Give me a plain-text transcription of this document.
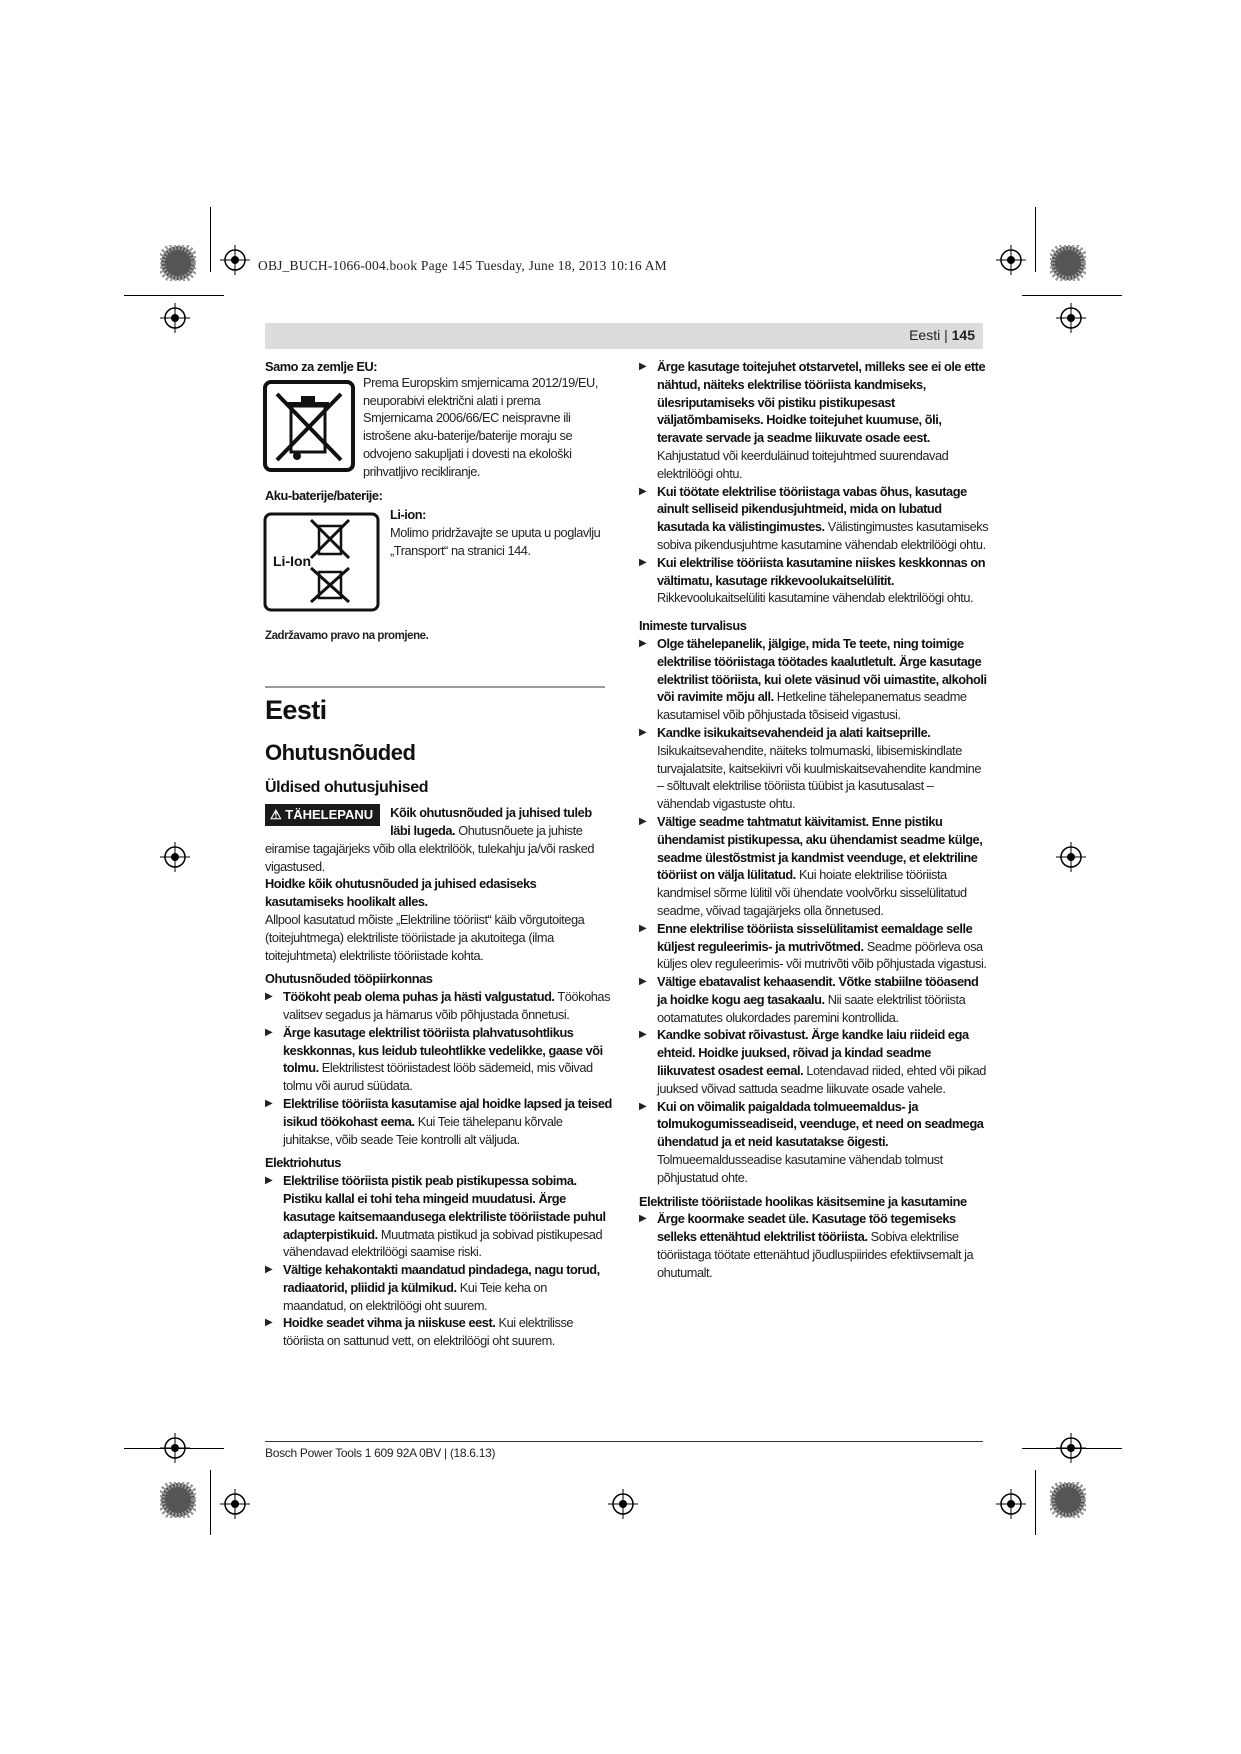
OBJ_BUCH-1066-004.book Page 145 Tuesday, June 18, 2013 10:16 AM
Eesti | 145
Li-Ion

Samo za zemlje EU:

Prema Europskim smjernicama 2012/19/EU, neuporabivi električni alati i prema Smjernicama 2006/66/EC neispravne ili istrošene aku-baterije/baterije moraju se odvojeno sakupljati i dovesti na ekološki prihvatljivo recikliranje.

Aku-baterije/baterije:

Li-ion:

Molimo pridržavajte se uputa u poglavlju „Transport“ na stranici 144.

Zadržavamo pravo na promjene.

Eesti

Ohutusnõuded

Üldised ohutusjuhised

⚠ TÄHELEPANU	Kõik ohutusnõuded ja juhised tuleb läbi lugeda. Ohutusnõuete ja juhiste eiramise tagajärjeks võib olla elektrilöök, tulekahju ja/või rasked vigastused.

Hoidke kõik ohutusnõuded ja juhised edasiseks kasutamiseks hoolikalt alles.

Allpool kasutatud mõiste „Elektriline tööriist“ käib võrgutoitega (toitejuhtmega) elektriliste tööriistade ja akutoitega (ilma toitejuhtmeta) elektriliste tööriistade kohta.

Ohutusnõuded tööpiirkonnas

▶ Töökoht peab olema puhas ja hästi valgustatud. Töökohas valitsev segadus ja hämarus võib põhjustada õnnetusi.

▶ Ärge kasutage elektrilist tööriista plahvatusohtlikus keskkonnas, kus leidub tuleohtlikke vedelikke, gaase või tolmu. Elektrilistest tööriistadest lööb sädemeid, mis võivad tolmu või aurud süüdata.

▶ Elektrilise tööriista kasutamise ajal hoidke lapsed ja teised isikud töökohast eema. Kui Teie tähelepanu kõrvale juhitakse, võib seade Teie kontrolli alt väljuda.

Elektriohutus

▶ Elektrilise tööriista pistik peab pistikupessa sobima. Pistiku kallal ei tohi teha mingeid muudatusi. Ärge kasutage kaitsemaandusega elektriliste tööriistade puhul adapterpistikuid. Muutmata pistikud ja sobivad pistikupesad vähendavad elektrilöögi saamise riski.

▶ Vältige kehakontakti maandatud pindadega, nagu torud, radiaatorid, pliidid ja külmikud. Kui Teie keha on maandatud, on elektrilöögi oht suurem.

▶ Hoidke seadet vihma ja niiskuse eest. Kui elektrilisse tööriista on sattunud vett, on elektrilöögi oht suurem.

▶ Ärge kasutage toitejuhet otstarvetel, milleks see ei ole ette nähtud, näiteks elektrilise tööriista kandmiseks, ülesriputamiseks või pistiku pistikupesast väljatõmbamiseks. Hoidke toitejuhet kuumuse, õli, teravate servade ja seadme liikuvate osade eest. Kahjustatud või keerduläinud toitejuhtmed suurendavad elektrilöögi ohtu.

▶ Kui töötate elektrilise tööriistaga vabas õhus, kasutage ainult selliseid pikendusjuhtmeid, mida on lubatud kasutada ka välistingimustes. Välistingimustes kasutamiseks sobiva pikendusjuhtme kasutamine vähendab elektrilöögi ohtu.

▶ Kui elektrilise tööriista kasutamine niiskes keskkonnas on vältimatu, kasutage rikkevoolukaitselülitit. Rikkevoolukaitselüliti kasutamine vähendab elektrilöögi ohtu.

Inimeste turvalisus

▶ Olge tähelepanelik, jälgige, mida Te teete, ning toimige elektrilise tööriistaga töötades kaalutletult. Ärge kasutage elektrilist tööriista, kui olete väsinud või uimastite, alkoholi või ravimite mõju all. Hetkeline tähelepanematus seadme kasutamisel võib põhjustada tõsiseid vigastusi.

▶ Kandke isikukaitsevahendeid ja alati kaitseprille. Isikukaitsevahendite, näiteks tolmumaski, libisemiskindlate turvajalatsite, kaitsekiivri või kuulmiskaitsevahendite kandmine – sõltuvalt elektrilise tööriista tüübist ja kasutusalast – vähendab vigastuste ohtu.

▶ Vältige seadme tahtmatut käivitamist. Enne pistiku ühendamist pistikupessa, aku ühendamist seadme külge, seadme ülestõstmist ja kandmist veenduge, et elektriline tööriist on välja lülitatud. Kui hoiate elektrilise tööriista kandmisel sõrme lülitil või ühendate voolvõrku sisselülitatud seadme, võivad tagajärjeks olla õnnetused.

▶ Enne elektrilise tööriista sisselülitamist eemaldage selle küljest reguleerimis- ja mutrivõtmed. Seadme pöörleva osa küljes olev reguleerimis- või mutrivõti võib põhjustada vigastusi.

▶ Vältige ebatavalist kehaasendit. Võtke stabiilne tööasend ja hoidke kogu aeg tasakaalu. Nii saate elektrilist tööriista ootamatutes olukordades paremini kontrollida.

▶ Kandke sobivat rõivastust. Ärge kandke laiu riideid ega ehteid. Hoidke juuksed, rõivad ja kindad seadme liikuvatest osadest eemal. Lotendavad riided, ehted või pikad juuksed võivad sattuda seadme liikuvate osade vahele.

▶ Kui on võimalik paigaldada tolmueemaldus- ja tolmukogumisseadiseid, veenduge, et need on seadmega ühendatud ja et neid kasutatakse õigesti. Tolmueemaldusseadise kasutamine vähendab tolmust põhjustatud ohte.

Elektriliste tööriistade hoolikas käsitsemine ja kasutamine

▶ Ärge koormake seadet üle. Kasutage töö tegemiseks selleks ettenähtud elektrilist tööriista. Sobiva elektrilise tööriistaga töötate ettenähtud jõudluspiirides efektiivsemalt ja ohutumalt.

Bosch Power Tools 1 609 92A 0BV | (18.6.13)
